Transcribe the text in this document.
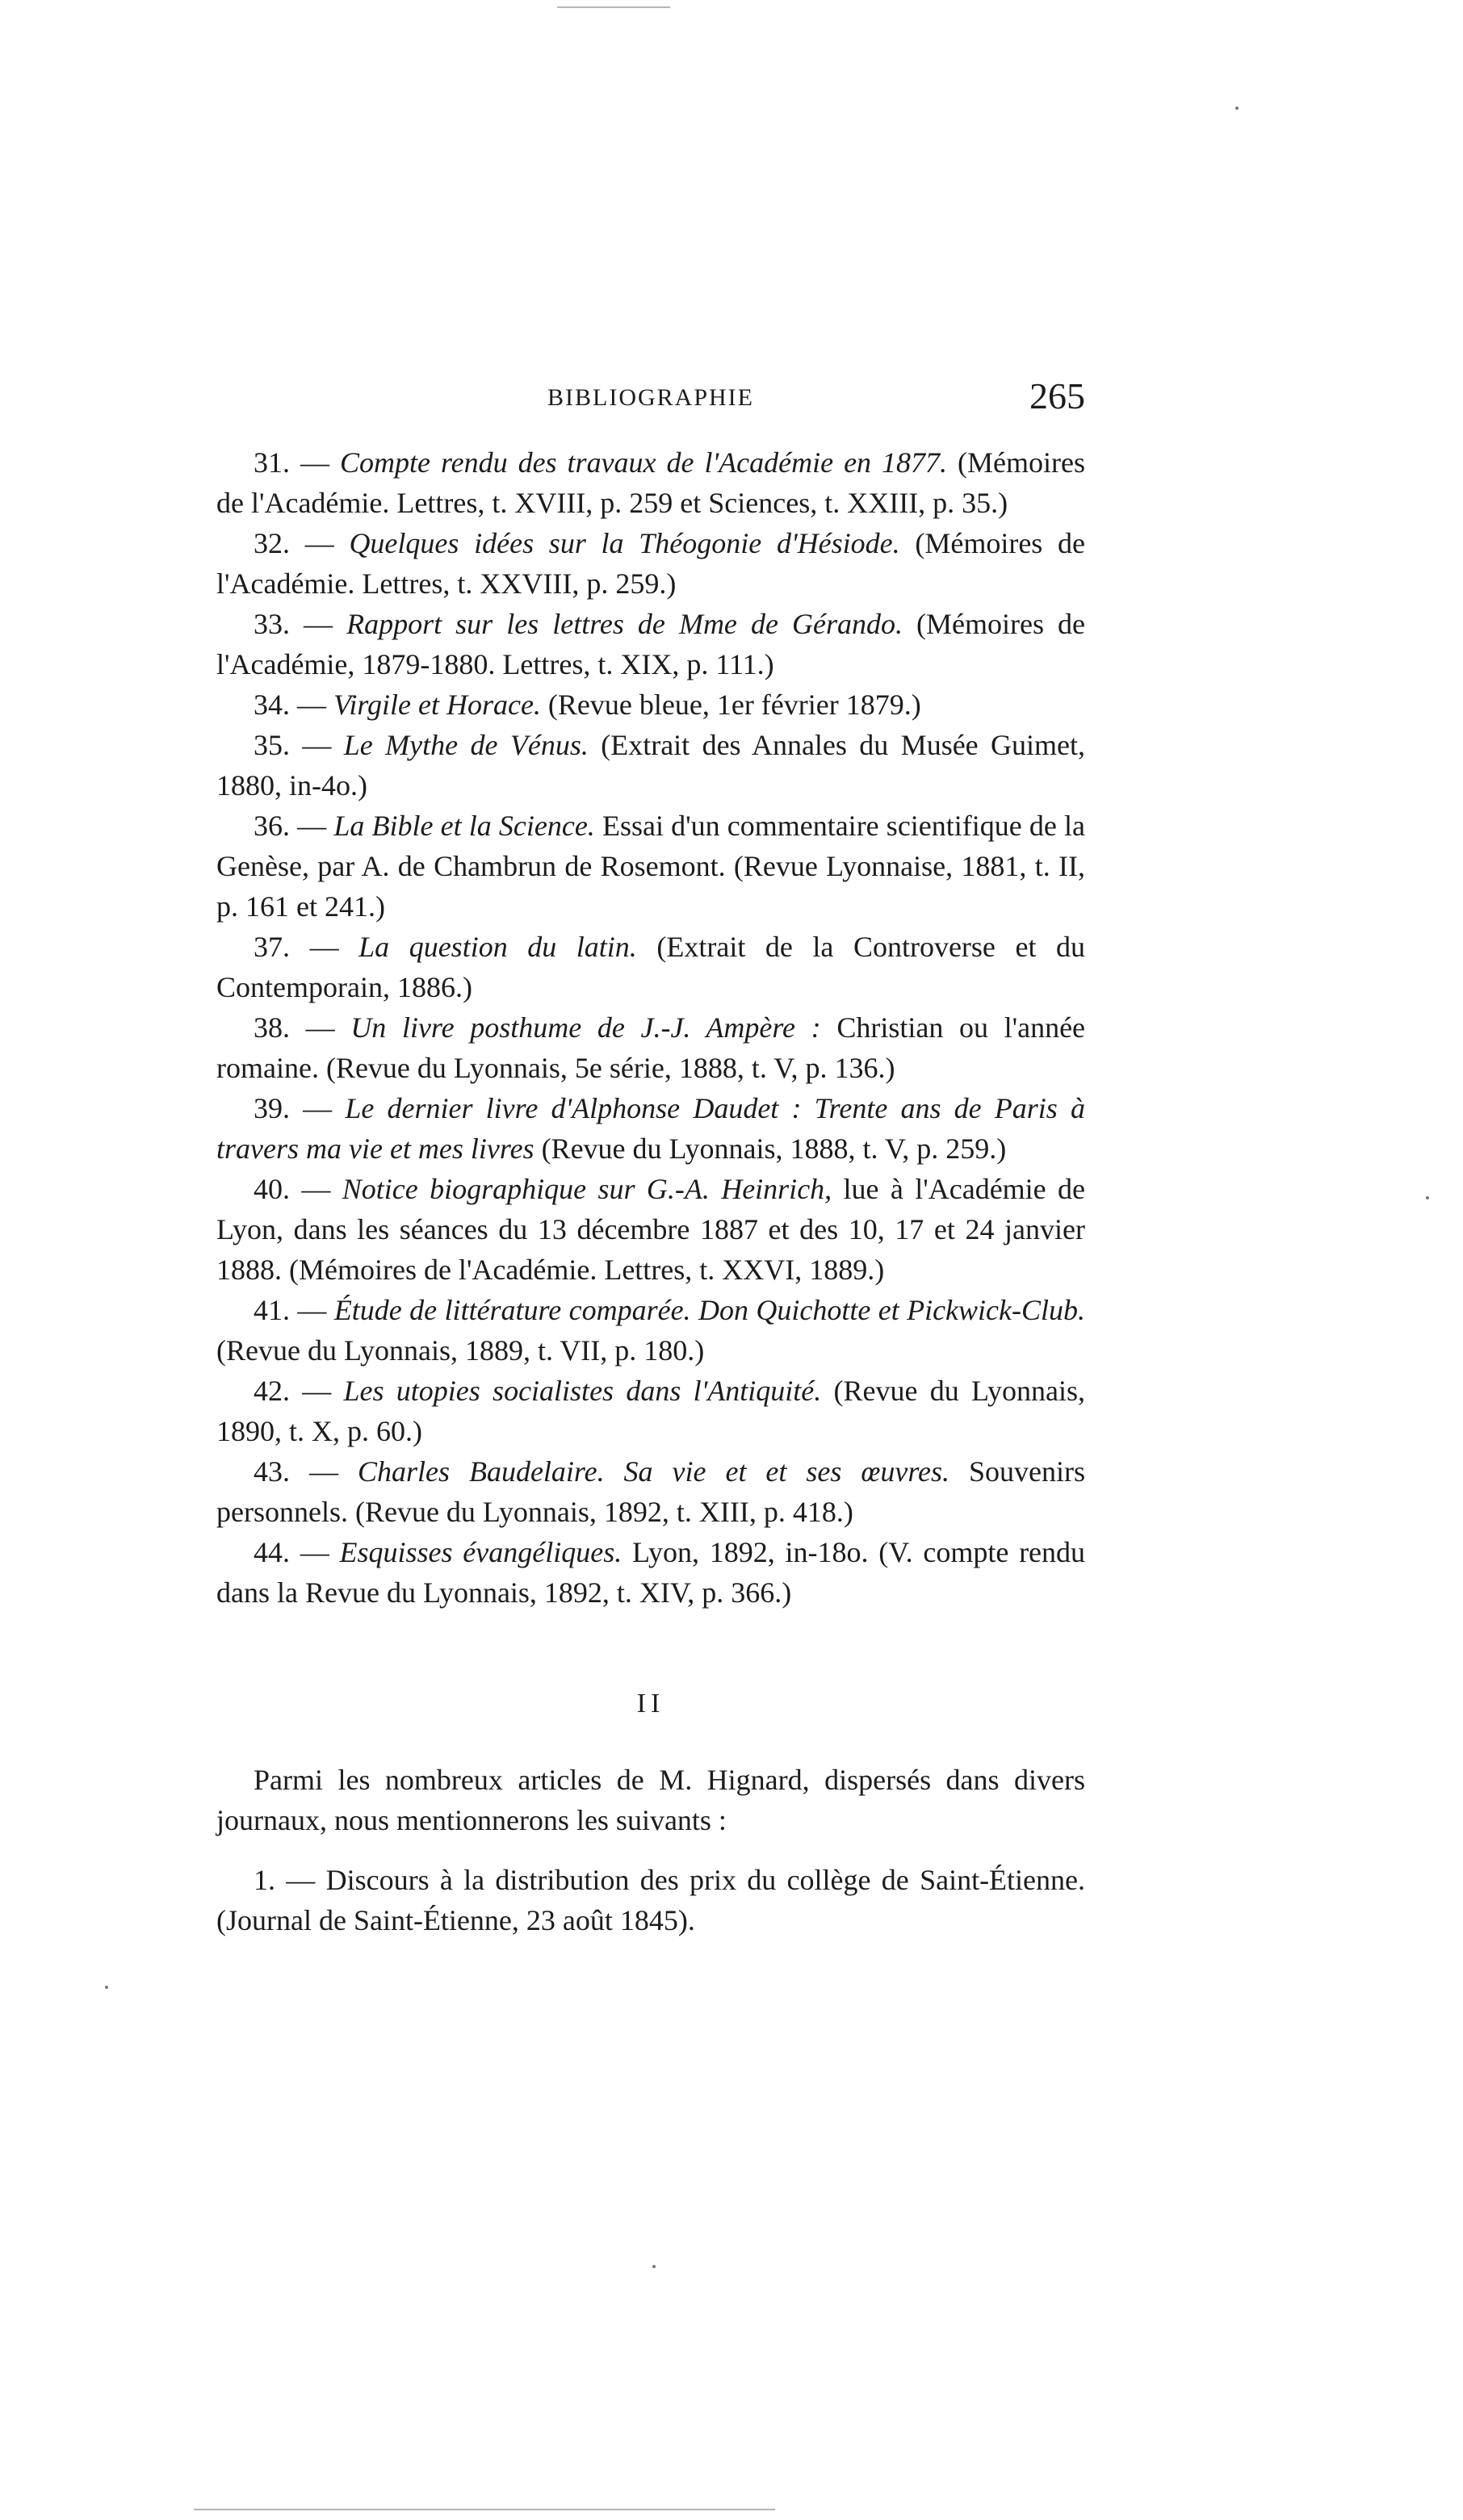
BIBLIOGRAPHIE	265

31. — Compte rendu des travaux de l'Académie en 1877. (Mémoires de l'Académie. Lettres, t. XVIII, p. 259 et Sciences, t. XXIII, p. 35.)

32. — Quelques idées sur la Théogonie d'Hésiode. (Mémoires de l'Académie. Lettres, t. XXVIII, p. 259.)

33. — Rapport sur les lettres de Mme de Gérando. (Mémoires de l'Académie, 1879-1880. Lettres, t. XIX, p. 111.)

34. — Virgile et Horace. (Revue bleue, 1er février 1879.)

35. — Le Mythe de Vénus. (Extrait des Annales du Musée Guimet, 1880, in-4o.)

36. — La Bible et la Science. Essai d'un commentaire scientifique de la Genèse, par A. de Chambrun de Rosemont. (Revue Lyonnaise, 1881, t. II, p. 161 et 241.)

37. — La question du latin. (Extrait de la Controverse et du Contemporain, 1886.)

38. — Un livre posthume de J.-J. Ampère : Christian ou l'année romaine. (Revue du Lyonnais, 5e série, 1888, t. V, p. 136.)

39. — Le dernier livre d'Alphonse Daudet : Trente ans de Paris à travers ma vie et mes livres (Revue du Lyonnais, 1888, t. V, p. 259.)

40. — Notice biographique sur G.-A. Heinrich, lue à l'Académie de Lyon, dans les séances du 13 décembre 1887 et des 10, 17 et 24 janvier 1888. (Mémoires de l'Académie. Lettres, t. XXVI, 1889.)

41. — Étude de littérature comparée. Don Quichotte et Pickwick-Club. (Revue du Lyonnais, 1889, t. VII, p. 180.)

42. — Les utopies socialistes dans l'Antiquité. (Revue du Lyonnais, 1890, t. X, p. 60.)

43. — Charles Baudelaire. Sa vie et et ses œuvres. Souvenirs personnels. (Revue du Lyonnais, 1892, t. XIII, p. 418.)

44. — Esquisses évangéliques. Lyon, 1892, in-18o. (V. compte rendu dans la Revue du Lyonnais, 1892, t. XIV, p. 366.)

II

Parmi les nombreux articles de M. Hignard, dispersés dans divers journaux, nous mentionnerons les suivants :

1. — Discours à la distribution des prix du collège de Saint-Étienne. (Journal de Saint-Étienne, 23 août 1845).
